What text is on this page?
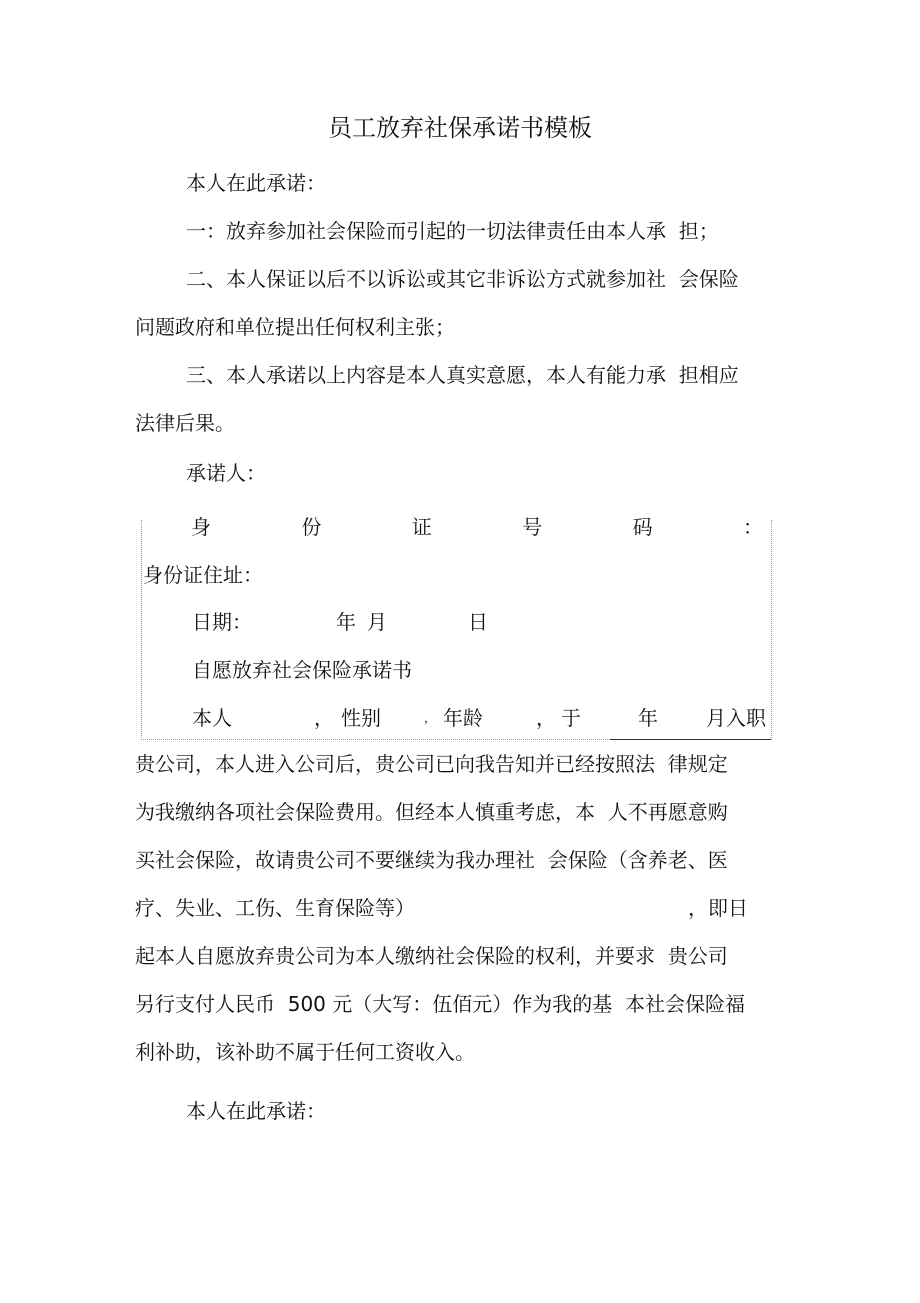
员工放弃社保承诺书模板
本人在此承诺：
一：放弃参加社会保险而引起的一切法律责任由本人承  担；
二、本人保证以后不以诉讼或其它非诉讼方式就参加社  会保险
问题政府和单位提出任何权利主张；
三、本人承诺以上内容是本人真实意愿，本人有能力承  担相应
法律后果。
承诺人：
身	份	证	号	码	：
身份证住址：
日期：	年 月	日
自愿放弃社会保险承诺书
本人	， 性别	， 年龄	， 于	年 月入职
贵公司，本人进入公司后，贵公司已向我告知并已经按照法  律规定
为我缴纳各项社会保险费用。但经本人慎重考虑，本  人不再愿意购
买社会保险，故请贵公司不要继续为我办理社  会保险（含养老、医
疗、失业、工伤、生育保险等）	，即日
起本人自愿放弃贵公司为本人缴纳社会保险的权利，并要求  贵公司
另行支付人民币  500 元（大写：伍佰元）作为我的基  本社会保险福
利补助，该补助不属于任何工资收入。
本人在此承诺：
